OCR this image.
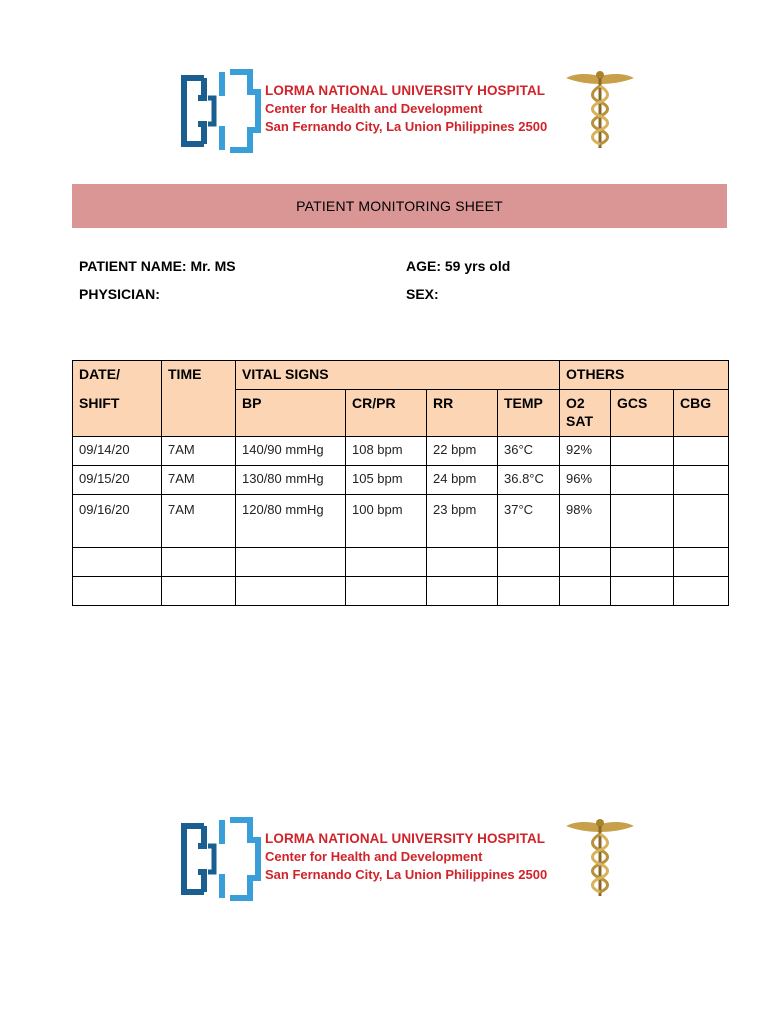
LORMA NATIONAL UNIVERSITY HOSPITAL
Center for Health and Development
San Fernando City, La Union Philippines 2500
PATIENT MONITORING SHEET
PATIENT NAME: Mr. MS	AGE: 59 yrs old
PHYSICIAN:	SEX:
DATE/	TIME	VITAL SIGNS				OTHERS		
SHIFT		BP	CR/PR	RR	TEMP	O2 SAT	GCS	CBG
09/14/20	7AM	140/90 mmHg	108 bpm	22 bpm	36°C	92%		
09/15/20	7AM	130/80 mmHg	105 bpm	24 bpm	36.8°C	96%		
09/16/20	7AM	120/80 mmHg	100 bpm	23 bpm	37°C	98%		

LORMA NATIONAL UNIVERSITY HOSPITAL
Center for Health and Development
San Fernando City, La Union Philippines 2500
